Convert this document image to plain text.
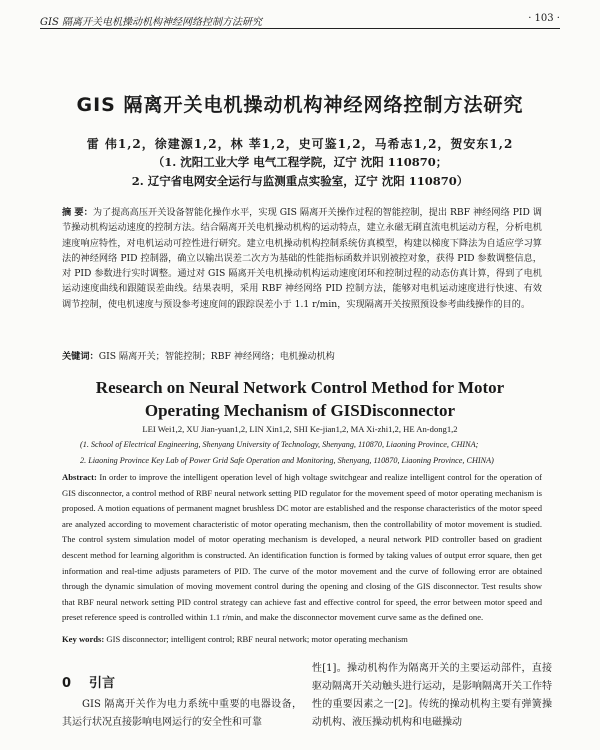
GIS 隔离开关电机操动机构神经网络控制方法研究	· 103 ·
GIS 隔离开关电机操动机构神经网络控制方法研究
雷 伟1,2，徐建源1,2，林 莘1,2，史可鉴1,2，马希志1,2，贺安东1,2
（1. 沈阳工业大学 电气工程学院，辽宁 沈阳 110870；
2. 辽宁省电网安全运行与监测重点实验室，辽宁 沈阳 110870）
摘 要：为了提高高压开关设备智能化操作水平，实现 GIS 隔离开关操作过程的智能控制，提出 RBF 神经网络 PID 调节操动机构运动速度的控制方法。结合隔离开关电机操动机构的运动特点，建立永磁无刷直流电机运动方程，分析电机速度响应特性，对电机运动可控性进行研究。建立电机操动机构控制系统仿真模型，构建以梯度下降法为自适应学习算法的神经网络 PID 控制器，确立以输出误差二次方为基础的性能指标函数并识别被控对象，获得 PID 参数调整信息，对 PID 参数进行实时调整。通过对 GIS 隔离开关电机操动机构运动速度闭环和控制过程的动态仿真计算，得到了电机运动速度曲线和跟随误差曲线。结果表明，采用 RBF 神经网络 PID 控制方法，能够对电机运动速度进行快速、有效调节控制，使电机速度与预设参考速度间的跟踪误差小于 1.1 r/min，实现隔离开关按照预设参考曲线操作的目的。
关键词：GIS 隔离开关；智能控制；RBF 神经网络；电机操动机构
Research on Neural Network Control Method for Motor
Operating Mechanism of GISDisconnector
LEI Wei1,2, XU Jian-yuan1,2, LIN Xin1,2, SHI Ke-jian1,2, MA Xi-zhi1,2, HE An-dong1,2
(1. School of Electrical Engineering, Shenyang University of Technology, Shenyang, 110870, Liaoning Province, CHINA;
2. Liaoning Province Key Lab of Power Grid Safe Operation and Monitoring, Shenyang, 110870, Liaoning Province, CHINA)
Abstract: In order to improve the intelligent operation level of high voltage switchgear and realize intelligent control for the operation of GIS disconnector, a control method of RBF neural network setting PID regulator for the movement speed of motor operating mechanism is proposed. A motion equations of permanent magnet brushless DC motor are established and the response characteristics of the motor speed are analyzed according to movement characteristic of motor operating mechanism, then the controllability of motor movement is studied. The control system simulation model of motor operating mechanism is developed, a neural network PID controller based on gradient descent method for learning algorithm is constructed. An identification function is formed by taking values of output error square, then get information and real-time adjusts parameters of PID. The curve of the motor movement and the curve of following error are obtained through the dynamic simulation of moving movement control during the opening and closing of the GIS disconnector. Test results show that RBF neural network setting PID control strategy can achieve fast and effective control for speed, the error between motor speed and preset reference speed is controlled within 1.1 r/min, and make the disconnector movement curve same as the defined one.
Key words: GIS disconnector; intelligent control; RBF neural network; motor operating mechanism
0 引言
GIS 隔离开关作为电力系统中重要的电器设备，其运行状况直接影响电网运行的安全性和可靠
性[1]。操动机构作为隔离开关的主要运动部件，直接驱动隔离开关动触头进行运动，是影响隔离开关工作特性的重要因素之一[2]。传统的操动机构主要有弹簧操动机构、液压操动机构和电磁操动
